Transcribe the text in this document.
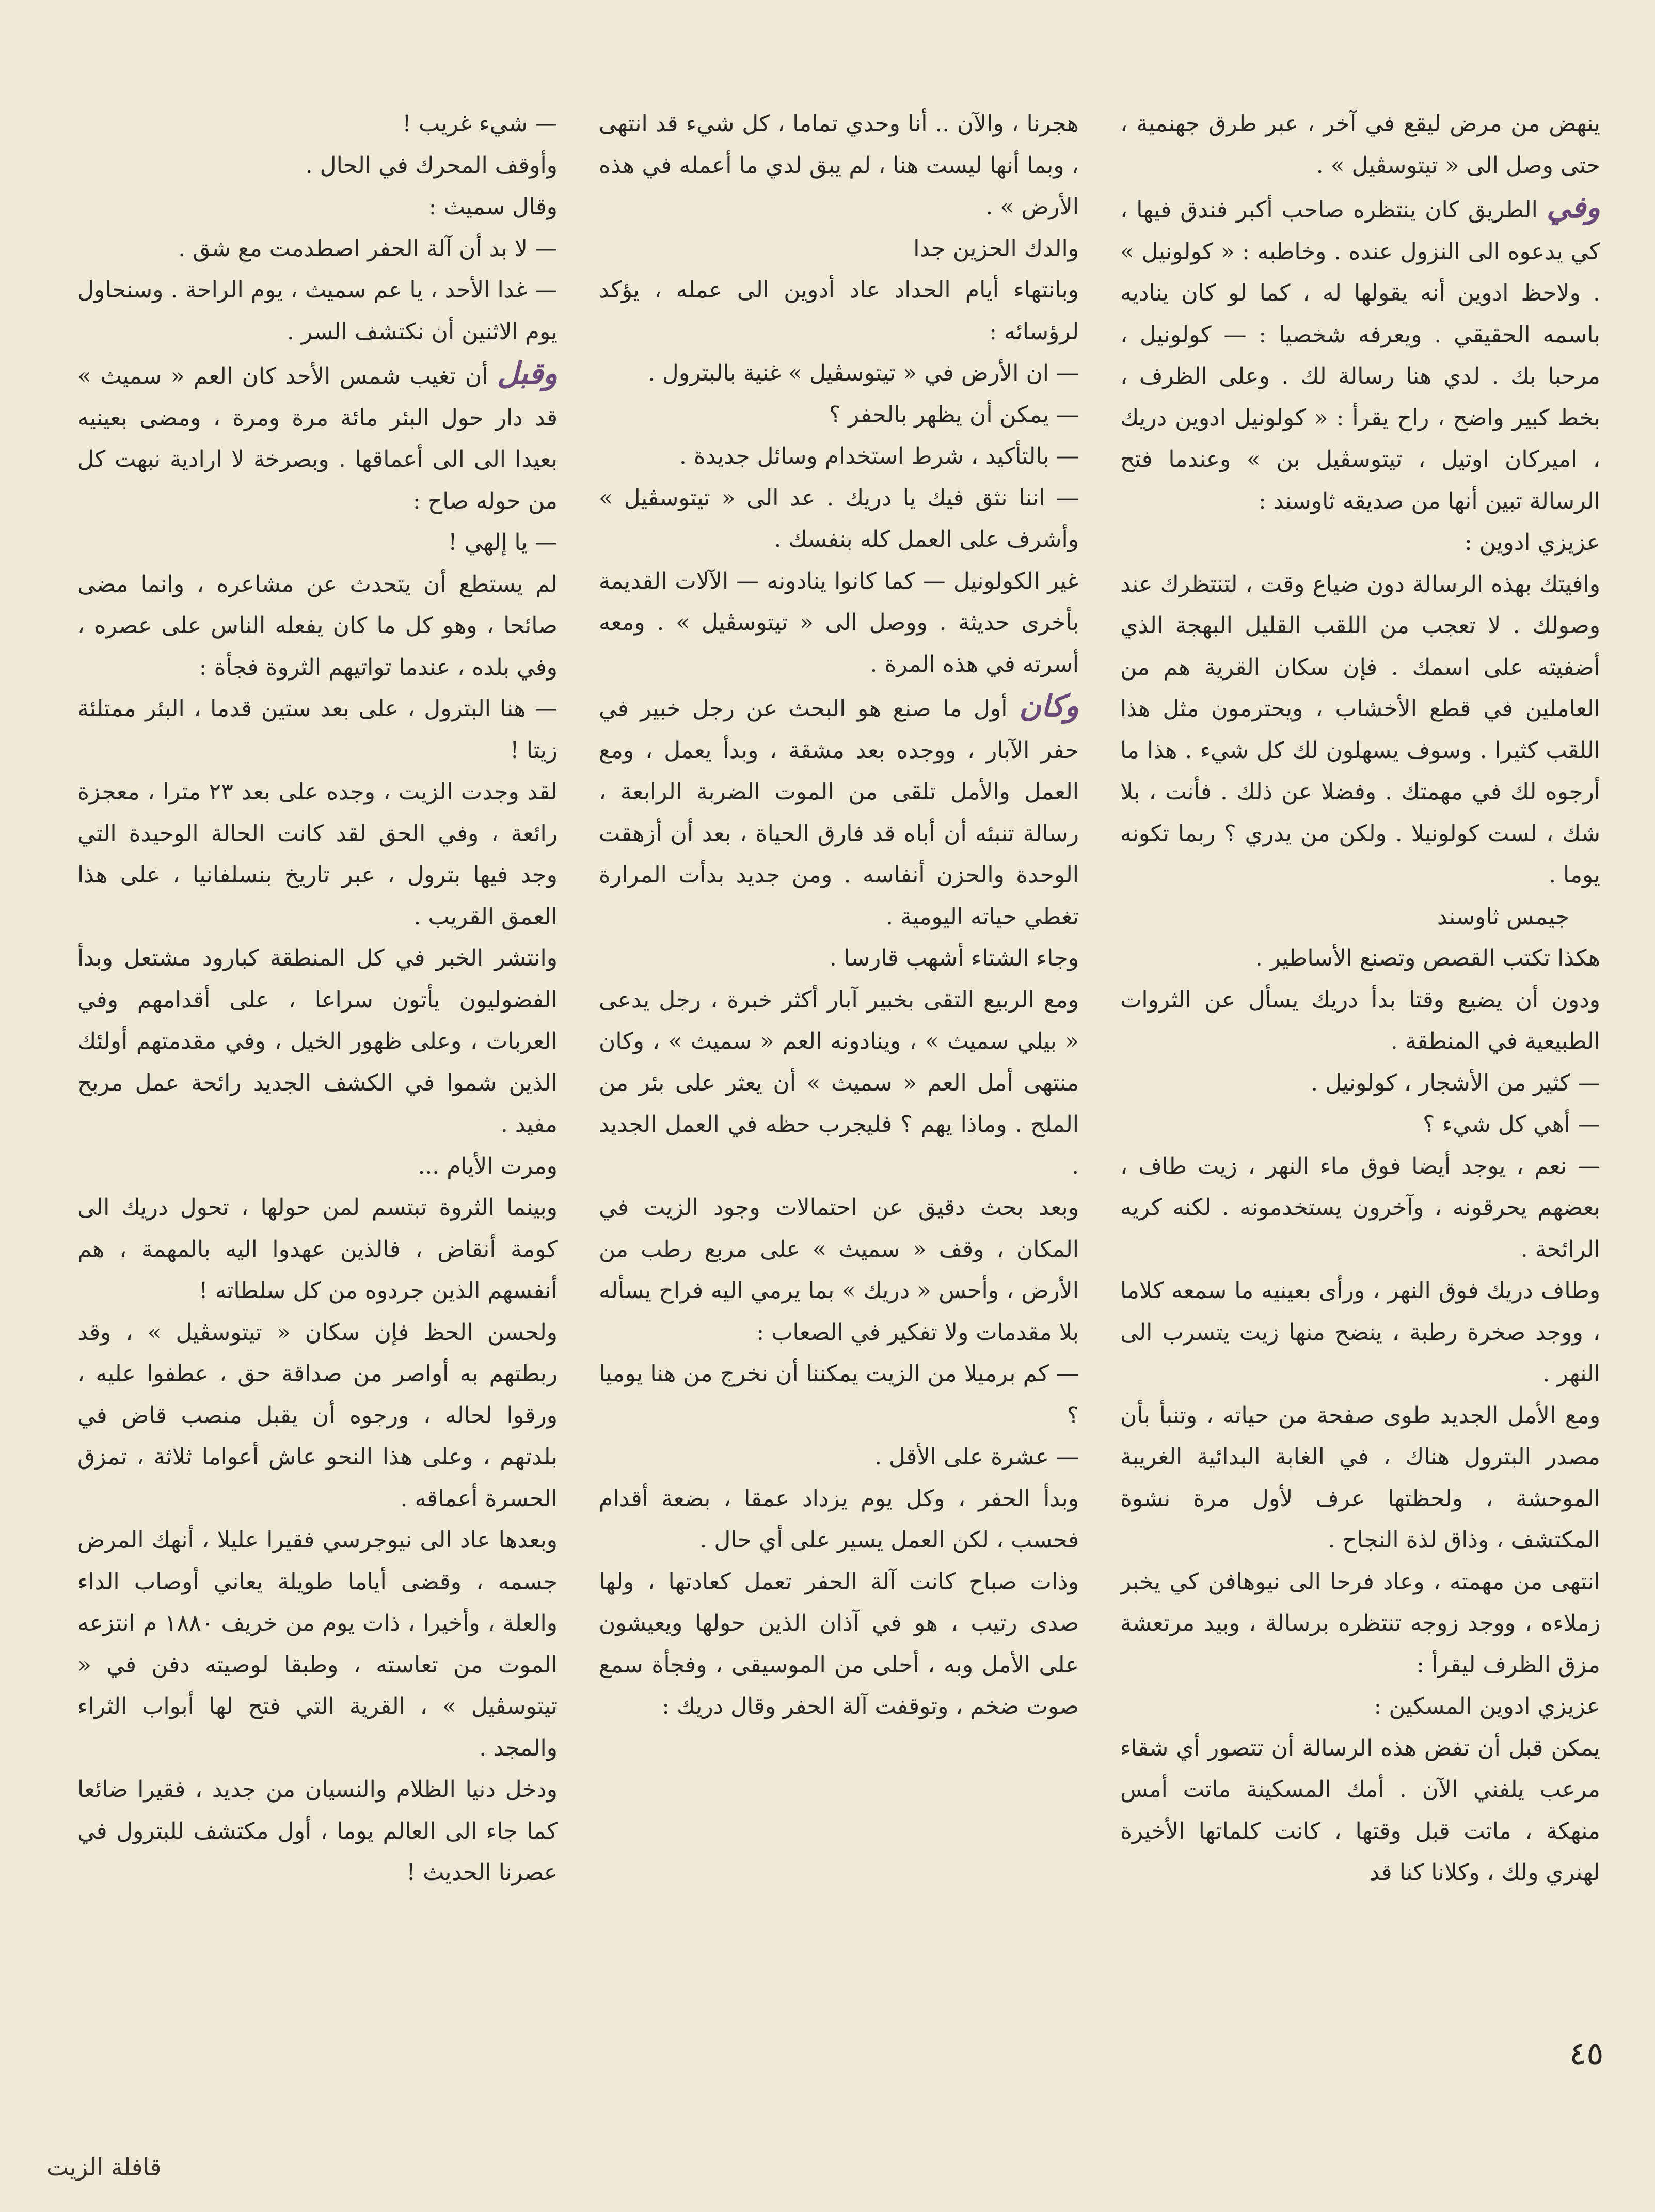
ينهض من مرض ليقع في آخر ، عبر طرق جهنمية ، حتى وصل الى « تيتوسڤيل » .

وفي الطريق كان ينتظره صاحب أكبر فندق فيها ، كي يدعوه الى النزول عنده . وخاطبه : « كولونيل » . ولاحظ ادوين أنه يقولها له ، كما لو كان يناديه باسمه الحقيقي . ويعرفه شخصيا : — كولونيل ، مرحبا بك . لدي هنا رسالة لك . وعلى الظرف ، بخط كبير واضح ، راح يقرأ : « كولونيل ادوين دريك ، اميركان اوتيل ، تيتوسڤيل بن » وعندما فتح الرسالة تبين أنها من صديقه ثاوسند :

عزيزي ادوين :

وافيتك بهذه الرسالة دون ضياع وقت ، لتنتظرك عند وصولك . لا تعجب من اللقب القليل البهجة الذي أضفيته على اسمك . فإن سكان القرية هم من العاملين في قطع الأخشاب ، ويحترمون مثل هذا اللقب كثيرا . وسوف يسهلون لك كل شيء . هذا ما أرجوه لك في مهمتك . وفضلا عن ذلك . فأنت ، بلا شك ، لست كولونيلا . ولكن من يدري ؟ ربما تكونه يوما .

جيمس ثاوسند

هكذا تكتب القصص وتصنع الأساطير .

ودون أن يضيع وقتا بدأ دريك يسأل عن الثروات الطبيعية في المنطقة .

— كثير من الأشجار ، كولونيل .

— أهي كل شيء ؟

— نعم ، يوجد أيضا فوق ماء النهر ، زيت طاف ، بعضهم يحرقونه ، وآخرون يستخدمونه . لكنه كريه الرائحة .

وطاف دريك فوق النهر ، ورأى بعينيه ما سمعه كلاما ، ووجد صخرة رطبة ، ينضح منها زيت يتسرب الى النهر .

ومع الأمل الجديد طوى صفحة من حياته ، وتنبأ بأن مصدر البترول هناك ، في الغابة البدائية الغريبة الموحشة ، ولحظتها عرف لأول مرة نشوة المكتشف ، وذاق لذة النجاح .

انتهى من مهمته ، وعاد فرحا الى نيوهافن كي يخبر زملاءه ، ووجد زوجه تنتظره برسالة ، وبيد مرتعشة مزق الظرف ليقرأ :

عزيزي ادوين المسكين :

يمكن قبل أن تفض هذه الرسالة أن تتصور أي شقاء مرعب يلفني الآن . أمك المسكينة ماتت أمس منهكة ، ماتت قبل وقتها ، كانت كلماتها الأخيرة لهنري ولك ، وكلانا كنا قد

هجرنا ، والآن .. أنا وحدي تماما ، كل شيء قد انتهى ، وبما أنها ليست هنا ، لم يبق لدي ما أعمله في هذه الأرض » .

والدك الحزين جدا

وبانتهاء أيام الحداد عاد أدوين الى عمله ، يؤكد لرؤسائه :

— ان الأرض في « تيتوسڤيل » غنية بالبترول .

— يمكن أن يظهر بالحفر ؟

— بالتأكيد ، شرط استخدام وسائل جديدة .

— اننا نثق فيك يا دريك . عد الى « تيتوسڤيل » وأشرف على العمل كله بنفسك .

غير الكولونيل — كما كانوا ينادونه — الآلات القديمة بأخرى حديثة . ووصل الى « تيتوسڤيل » . ومعه أسرته في هذه المرة .

وكان أول ما صنع هو البحث عن رجل خبير في حفر الآبار ، ووجده بعد مشقة ، وبدأ يعمل ، ومع العمل والأمل تلقى من الموت الضربة الرابعة ، رسالة تنبئه أن أباه قد فارق الحياة ، بعد أن أزهقت الوحدة والحزن أنفاسه . ومن جديد بدأت المرارة تغطي حياته اليومية .

وجاء الشتاء أشهب قارسا .

ومع الربيع التقى بخبير آبار أكثر خبرة ، رجل يدعى « بيلي سميث » ، وينادونه العم « سميث » ، وكان منتهى أمل العم « سميث » أن يعثر على بئر من الملح . وماذا يهم ؟ فليجرب حظه في العمل الجديد .

وبعد بحث دقيق عن احتمالات وجود الزيت في المكان ، وقف « سميث » على مربع رطب من الأرض ، وأحس « دريك » بما يرمي اليه فراح يسأله بلا مقدمات ولا تفكير في الصعاب :

— كم برميلا من الزيت يمكننا أن نخرج من هنا يوميا ؟

— عشرة على الأقل .

وبدأ الحفر ، وكل يوم يزداد عمقا ، بضعة أقدام فحسب ، لكن العمل يسير على أي حال .

وذات صباح كانت آلة الحفر تعمل كعادتها ، ولها صدى رتيب ، هو في آذان الذين حولها ويعيشون على الأمل وبه ، أحلى من الموسيقى ، وفجأة سمع صوت ضخم ، وتوقفت آلة الحفر وقال دريك :

— شيء غريب !

وأوقف المحرك في الحال .

وقال سميث :

— لا بد أن آلة الحفر اصطدمت مع شق .

— غدا الأحد ، يا عم سميث ، يوم الراحة . وسنحاول يوم الاثنين أن نكتشف السر .

وقبل أن تغيب شمس الأحد كان العم « سميث » قد دار حول البئر مائة مرة ومرة ، ومضى بعينيه بعيدا الى الى أعماقها . وبصرخة لا ارادية نبهت كل من حوله صاح :

— يا إلهي !

لم يستطع أن يتحدث عن مشاعره ، وانما مضى صائحا ، وهو كل ما كان يفعله الناس على عصره ، وفي بلده ، عندما تواتيهم الثروة فجأة :

— هنا البترول ، على بعد ستين قدما ، البئر ممتلئة زيتا !

لقد وجدت الزيت ، وجده على بعد ٢٣ مترا ، معجزة رائعة ، وفي الحق لقد كانت الحالة الوحيدة التي وجد فيها بترول ، عبر تاريخ بنسلفانيا ، على هذا العمق القريب .

وانتشر الخبر في كل المنطقة كبارود مشتعل وبدأ الفضوليون يأتون سراعا ، على أقدامهم وفي العربات ، وعلى ظهور الخيل ، وفي مقدمتهم أولئك الذين شموا في الكشف الجديد رائحة عمل مربح مفيد .

ومرت الأيام ...

وبينما الثروة تبتسم لمن حولها ، تحول دريك الى كومة أنقاض ، فالذين عهدوا اليه بالمهمة ، هم أنفسهم الذين جردوه من كل سلطاته !

ولحسن الحظ فإن سكان « تيتوسڤيل » ، وقد ربطتهم به أواصر من صداقة حق ، عطفوا عليه ، ورقوا لحاله ، ورجوه أن يقبل منصب قاض في بلدتهم ، وعلى هذا النحو عاش أعواما ثلاثة ، تمزق الحسرة أعماقه .

وبعدها عاد الى نيوجرسي فقيرا عليلا ، أنهك المرض جسمه ، وقضى أياما طويلة يعاني أوصاب الداء والعلة ، وأخيرا ، ذات يوم من خريف ١٨٨٠ م انتزعه الموت من تعاسته ، وطبقا لوصيته دفن في « تيتوسڤيل » ، القرية التي فتح لها أبواب الثراء والمجد .

ودخل دنيا الظلام والنسيان من جديد ، فقيرا ضائعا كما جاء الى العالم يوما ، أول مكتشف للبترول في عصرنا الحديث !

٤٥
قافلة الزيت
